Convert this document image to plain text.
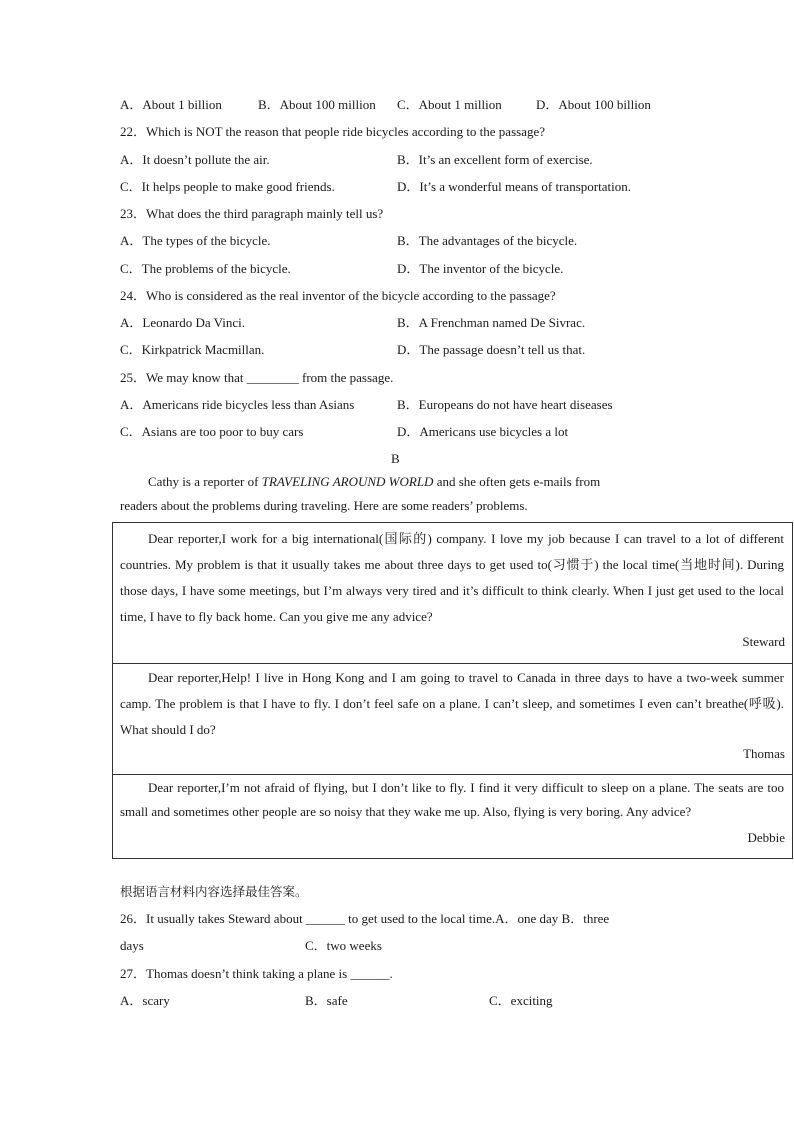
A．About 1 billion	B．About 100 million C．About 1 million	D．About 100 billion
22．Which is NOT the reason that people ride bicycles according to the passage?
A．It doesn’t pollute the air.	B．It’s an excellent form of exercise.
C．It helps people to make good friends.	D．It’s a wonderful means of transportation.
23．What does the third paragraph mainly tell us?
A．The types of the bicycle.	B．The advantages of the bicycle.
C．The problems of the bicycle.	D．The inventor of the bicycle.
24．Who is considered as the real inventor of the bicycle according to the passage?
A．Leonardo Da Vinci.	B．A Frenchman named De Sivrac.
C．Kirkpatrick Macmillan.	D．The passage doesn’t tell us that.
25．We may know that ________ from the passage.
A．Americans ride bicycles less than Asians	B．Europeans do not have heart diseases
C．Asians are too poor to buy cars	D．Americans use bicycles a lot
B
Cathy is a reporter of TRAVELING AROUND WORLD and she often gets e-mails from
readers about the problems during traveling. Here are some readers’ problems.
Dear reporter,I work for a big international(国际的) company. I love my job because I can travel to a lot of different countries. My problem is that it usually takes me about three days to get used to(习惯于) the local time(当地时间). During those days, I have some meetings, but I’m always very tired and it’s difficult to think clearly. When I just get used to the local time, I have to fly back home. Can you give me any advice?
Steward
Dear reporter,Help! I live in Hong Kong and I am going to travel to Canada in three days to have a two-week summer camp. The problem is that I have to fly. I don’t feel safe on a plane. I can’t sleep, and sometimes I even can’t breathe(呼吸). What should I do?
Thomas
Dear reporter,I’m not afraid of flying, but I don’t like to fly. I find it very difficult to sleep on a plane. The seats are too small and sometimes other people are so noisy that they wake me up. Also, flying is very boring. Any advice?
Debbie
根据语言材料内容选择最佳答案。
26．It usually takes Steward about ______ to get used to the local time.A．one day B．three
days	C．two weeks
27．Thomas doesn’t think taking a plane is ______.
A．scary	B．safe	C．exciting
